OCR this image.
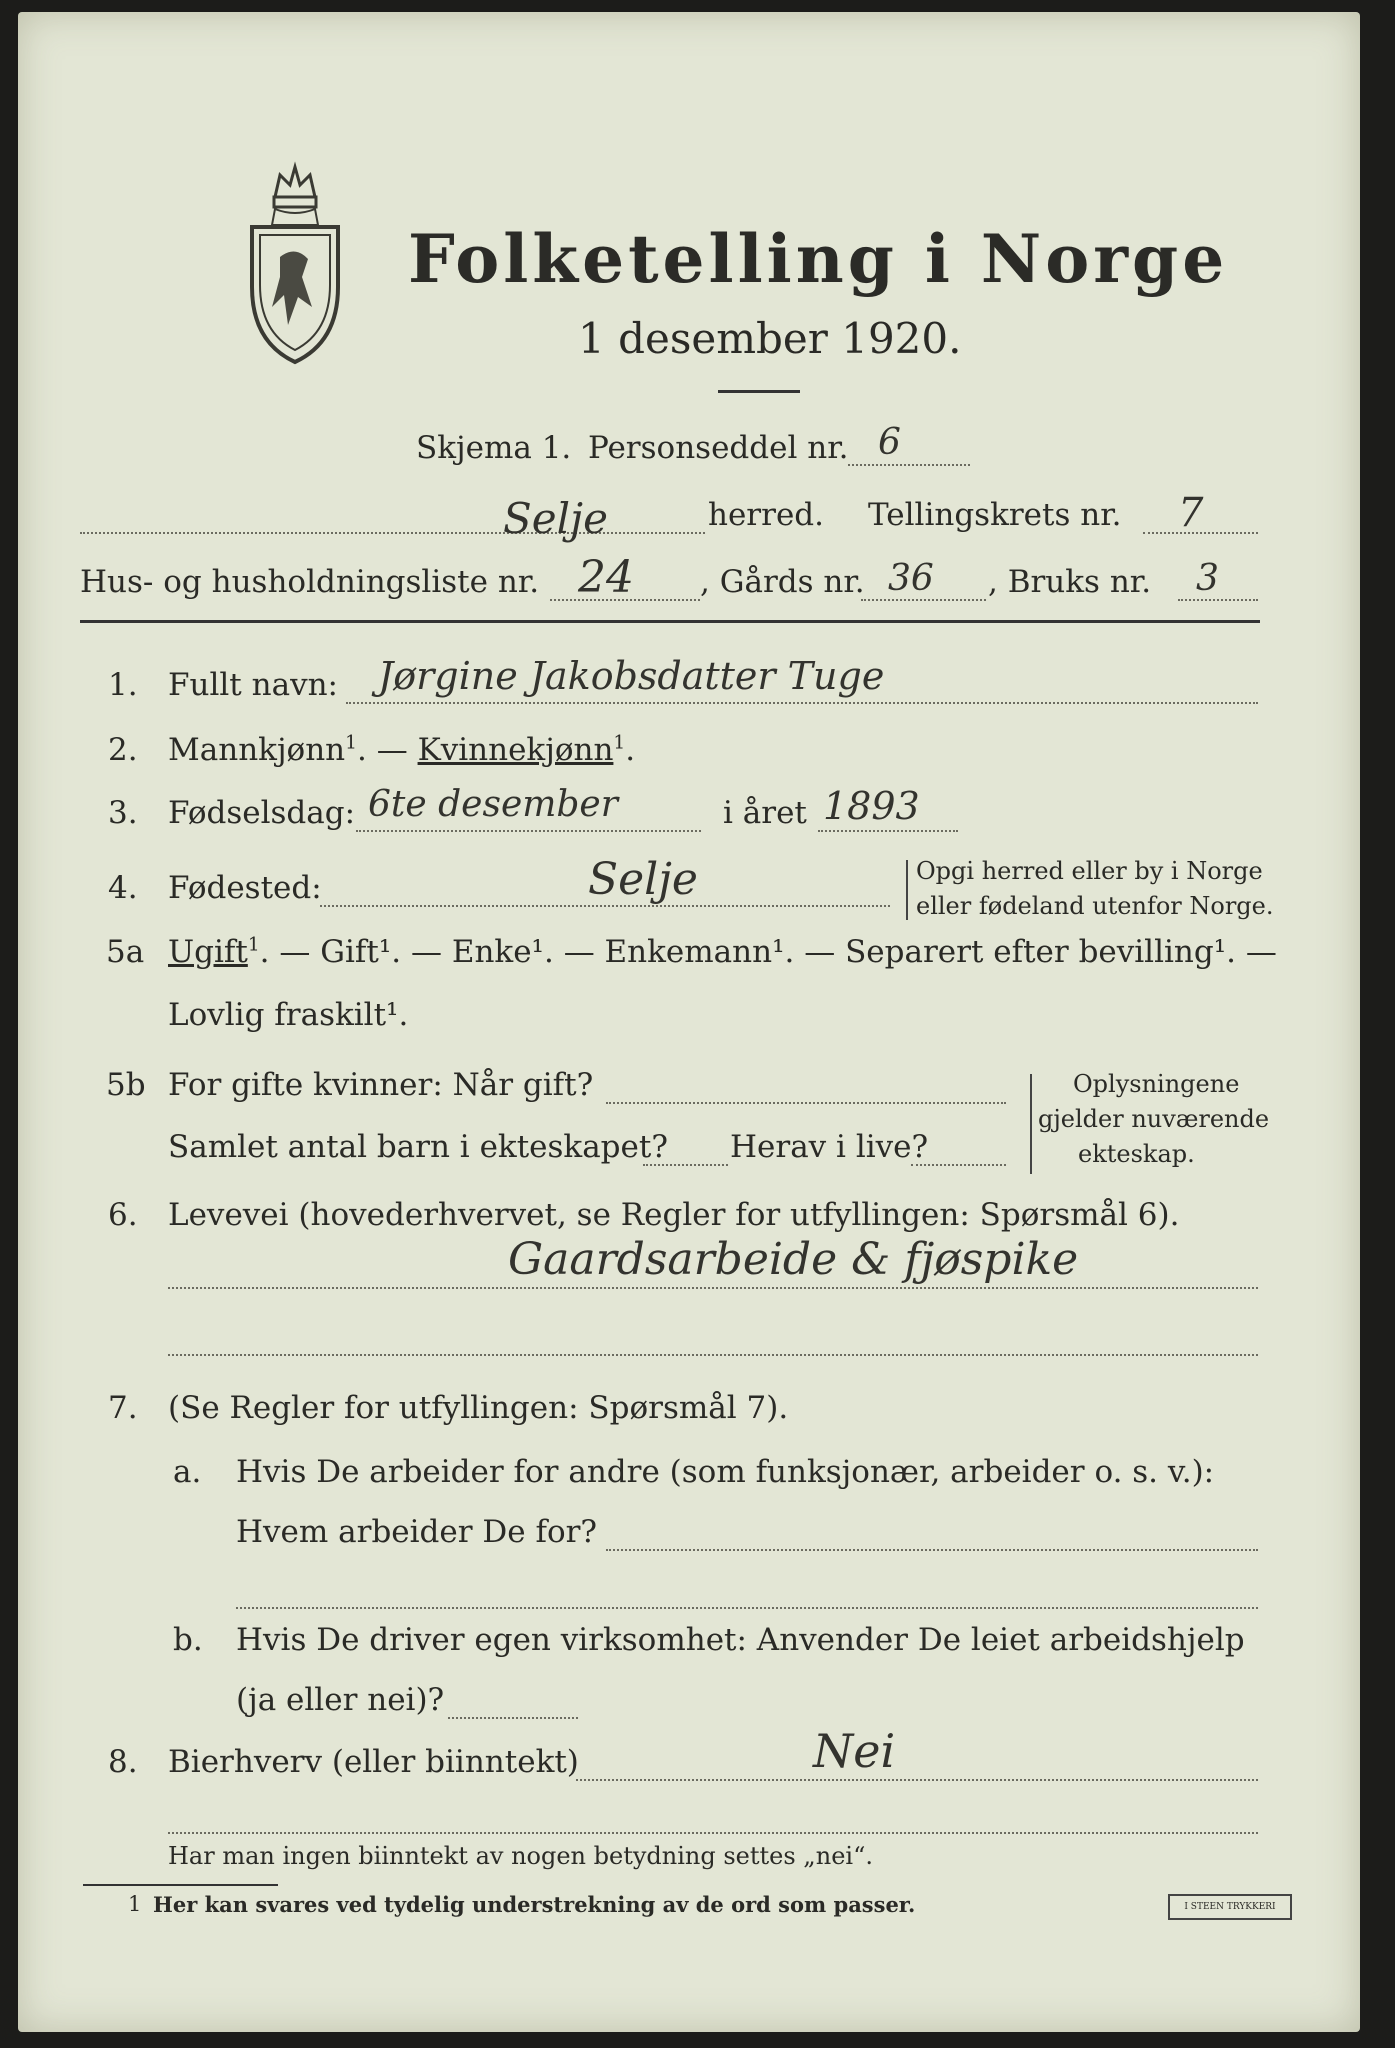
Folketelling i Norge
1 desember 1920.
Skjema 1. Personseddel nr. 6
Selje	herred. Tellingskrets nr. 7
Hus- og husholdningsliste nr. 24 , Gårds nr. 36 , Bruks nr. 3
1. Fullt navn: Jørgine Jakobsdatter Tuge
2. Mannkjønn$^1$. — Kvinnekjønn$^1$.
3. Fødselsdag: 6te desember	i året 1893
4. Fødested:	Selje	Opgi herred eller by i Norge
eller fødeland utenfor Norge.
5a Ugift$^1$. — Gift¹. — Enke¹. — Enkemann¹. — Separert efter bevilling¹. —
Lovlig fraskilt¹.
5b For gifte kvinner: Når gift?
Samlet antal barn i ekteskapet? Herav i live?
Oplysningene
gjelder nuværende
ekteskap.
6. Levevei (hovederhvervet, se Regler for utfyllingen: Spørsmål 6).
Gaardsarbeide & fjøspike
7. (Se Regler for utfyllingen: Spørsmål 7).
a. Hvis De arbeider for andre (som funksjonær, arbeider o. s. v.):
Hvem arbeider De for?
b. Hvis De driver egen virksomhet: Anvender De leiet arbeidshjelp
(ja eller nei)?
8. Bierhverv (eller biinntekt)	Nei
Har man ingen biinntekt av nogen betydning settes „nei“.
1 Her kan svares ved tydelig understrekning av de ord som passer.	I STEEN TRYKKERI
